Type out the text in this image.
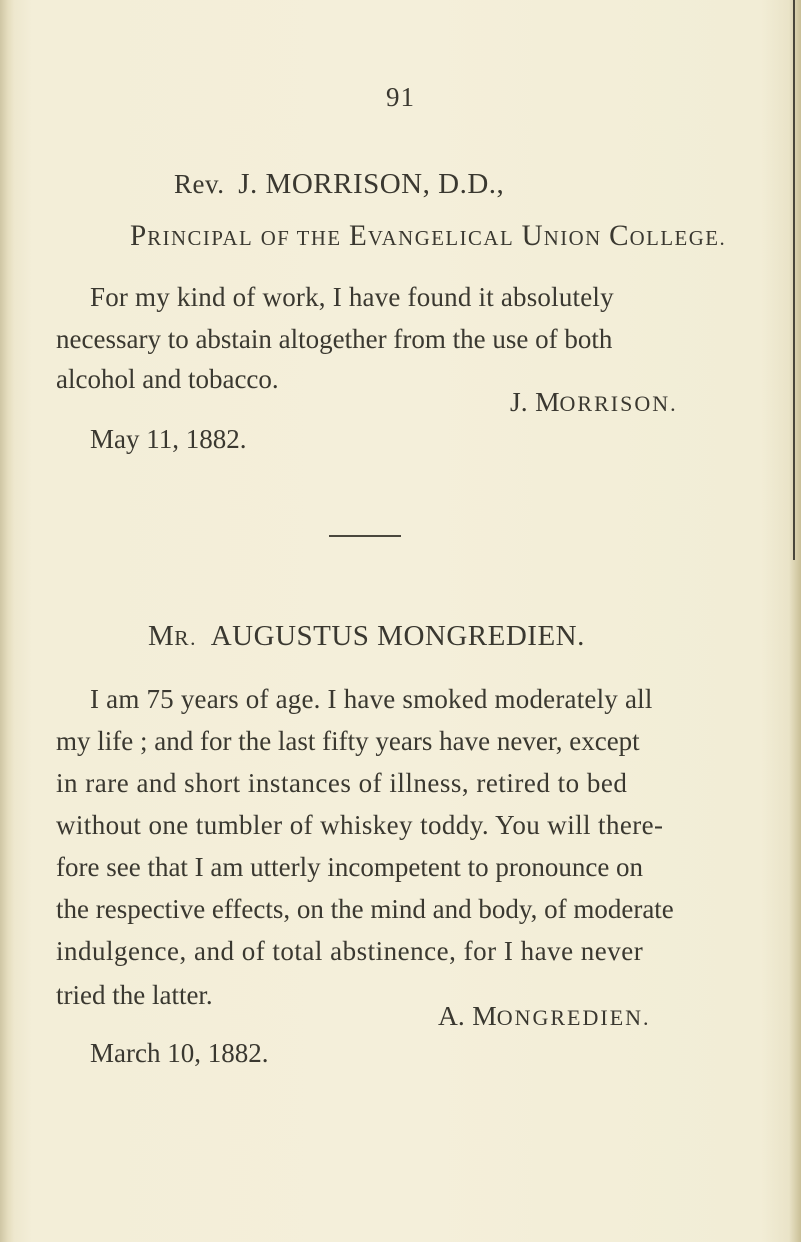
91
Rev. J. MORRISON, D.D.,
PRINCIPAL OF THE EVANGELICAL UNION COLLEGE.
For my kind of work, I have found it absolutely
necessary to abstain altogether from the use of both
alcohol and tobacco.
J. MORRISON.
May 11, 1882.
MR. AUGUSTUS MONGREDIEN.
I am 75 years of age. I have smoked moderately all
my life ; and for the last fifty years have never, except
in rare and short instances of illness, retired to bed
without one tumbler of whiskey toddy. You will there-
fore see that I am utterly incompetent to pronounce on
the respective effects, on the mind and body, of moderate
indulgence, and of total abstinence, for I have never
tried the latter.
A. MONGREDIEN.
March 10, 1882.
